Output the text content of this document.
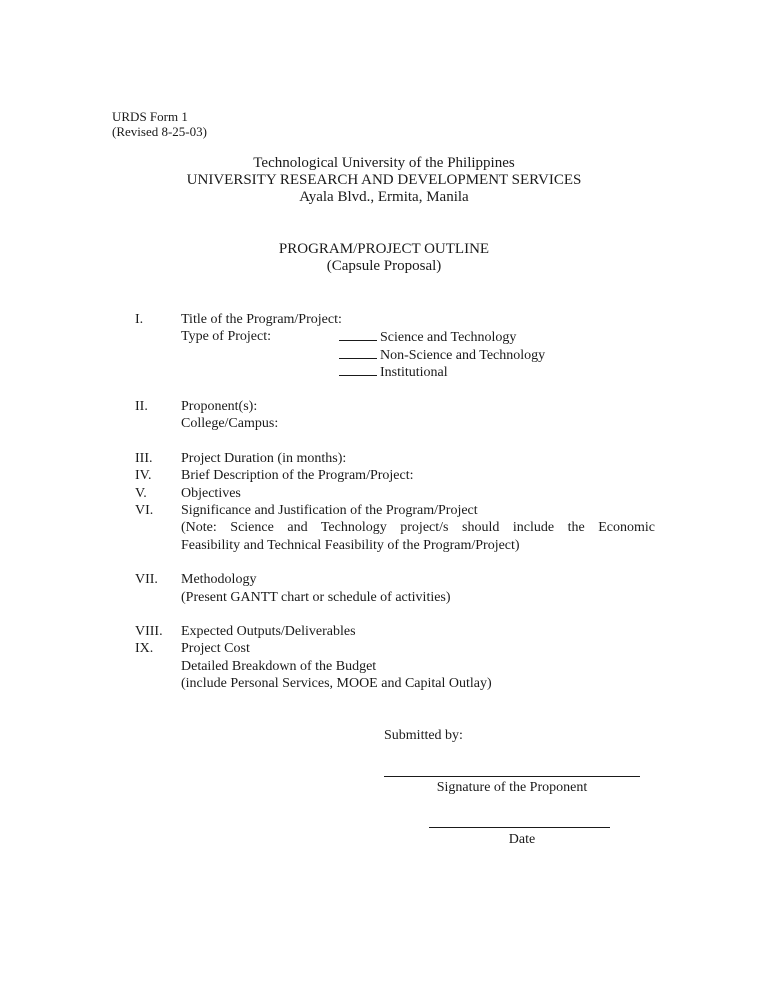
URDS Form 1
(Revised 8-25-03)
Technological University of the Philippines
UNIVERSITY RESEARCH AND DEVELOPMENT SERVICES
Ayala Blvd., Ermita, Manila
PROGRAM/PROJECT OUTLINE
(Capsule Proposal)
I.	Title of the Program/Project:
Type of Project:	Science and Technology
Non-Science and Technology
Institutional
II. Proponent(s):
College/Campus:
III. Project Duration (in months):
IV. Brief Description of the Program/Project:
V. Objectives
VI. Significance and Justification of the Program/Project
(Note: Science and Technology project/s should include the Economic
Feasibility and Technical Feasibility of the Program/Project)
VII. Methodology
(Present GANTT chart or schedule of activities)
VIII. Expected Outputs/Deliverables
IX. Project Cost
Detailed Breakdown of the Budget
(include Personal Services, MOOE and Capital Outlay)
Submitted by:
Signature of the Proponent
Date
